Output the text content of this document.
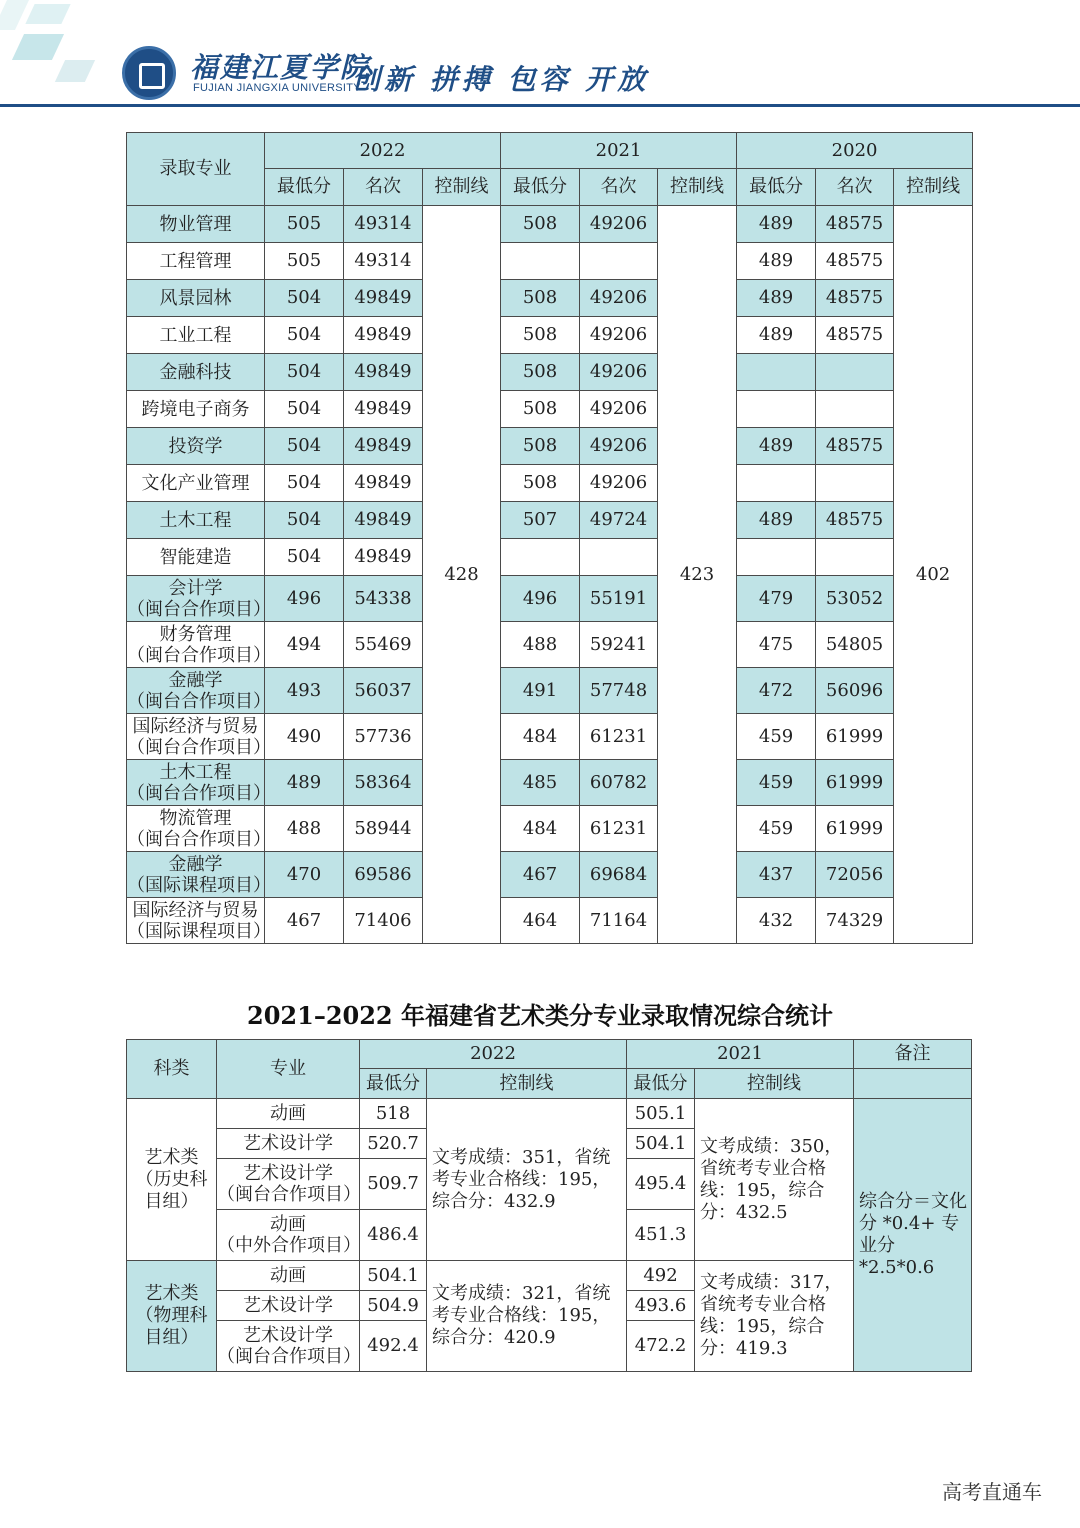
福建江夏学院
FUJIAN JIANGXIA UNIVERSITY
创新 拼搏 包容 开放
录取专业	2022			2021			2020		
	最低分	名次	控制线	最低分	名次	控制线	最低分	名次	控制线
物业管理	505	49314	428	508	49206	423	489	48575	402
工程管理	505	49314					489	48575	
风景园林	504	49849		508	49206		489	48575	
工业工程	504	49849		508	49206		489	48575	
金融科技	504	49849		508	49206				
跨境电子商务	504	49849		508	49206				
投资学	504	49849		508	49206		489	48575	
文化产业管理	504	49849		508	49206				
土木工程	504	49849		507	49724		489	48575	
智能建造	504	49849							
会计学
（闽台合作项目）	496	54338		496	55191		479	53052	
财务管理
（闽台合作项目）	494	55469		488	59241		475	54805	
金融学
（闽台合作项目）	493	56037		491	57748		472	56096	
国际经济与贸易
（闽台合作项目）	490	57736		484	61231		459	61999	
土木工程
（闽台合作项目）	489	58364		485	60782		459	61999	
物流管理
（闽台合作项目）	488	58944		484	61231		459	61999	
金融学
（国际课程项目）	470	69586		467	69684		437	72056	
国际经济与贸易
（国际课程项目）	467	71406		464	71164		432	74329	
2021–2022 年福建省艺术类分专业录取情况综合统计
科类	专业	2022		2021		备注
		最低分	控制线	最低分	控制线	
艺术类（历史科目组）	动画	518	文考成绩：351，省统考专业合格线：195，综合分：432.9	505.1	文考成绩：350，省统考专业合格线：195，综合分：432.5	综合分＝文化分 *0.4+ 专业分 *2.5*0.6
	艺术设计学	520.7		504.1		
	艺术设计学
（闽台合作项目）	509.7		495.4		
	动画
（中外合作项目）	486.4		451.3		
艺术类（物理科目组）	动画	504.1	文考成绩：321，省统考专业合格线：195，综合分：420.9	492	文考成绩：317，省统考专业合格线：195，综合分：419.3	
	艺术设计学	504.9		493.6		
	艺术设计学
（闽台合作项目）	492.4		472.2		
高考直通车
